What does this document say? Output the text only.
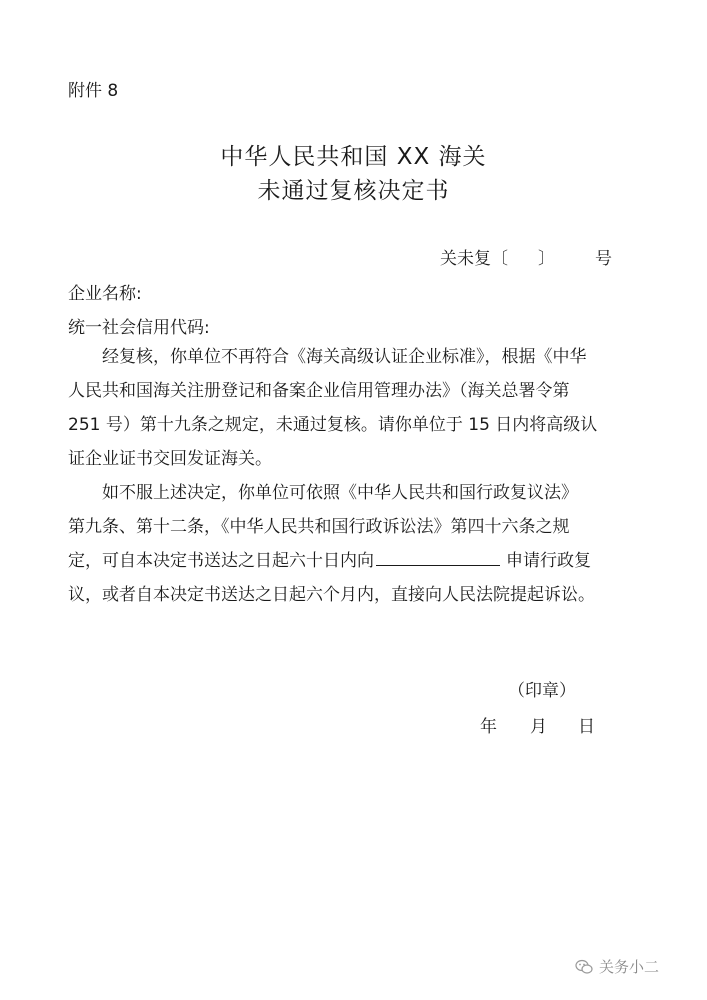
附件 8
中华人民共和国 XX 海关
未通过复核决定书
关未复〔 〕 号
企业名称:
统一社会信用代码:
经复核，你单位不再符合《海关高级认证企业标准》，根据《中华
人民共和国海关注册登记和备案企业信用管理办法》（海关总署令第
251 号）第十九条之规定，未通过复核。请你单位于 15 日内将高级认
证企业证书交回发证海关。
如不服上述决定，你单位可依照《中华人民共和国行政复议法》
第九条、第十二条，《中华人民共和国行政诉讼法》第四十六条之规
定，可自本决定书送达之日起六十日内向	申请行政复
议，或者自本决定书送达之日起六个月内，直接向人民法院提起诉讼。
（印章）
年 月 日
关务小二
